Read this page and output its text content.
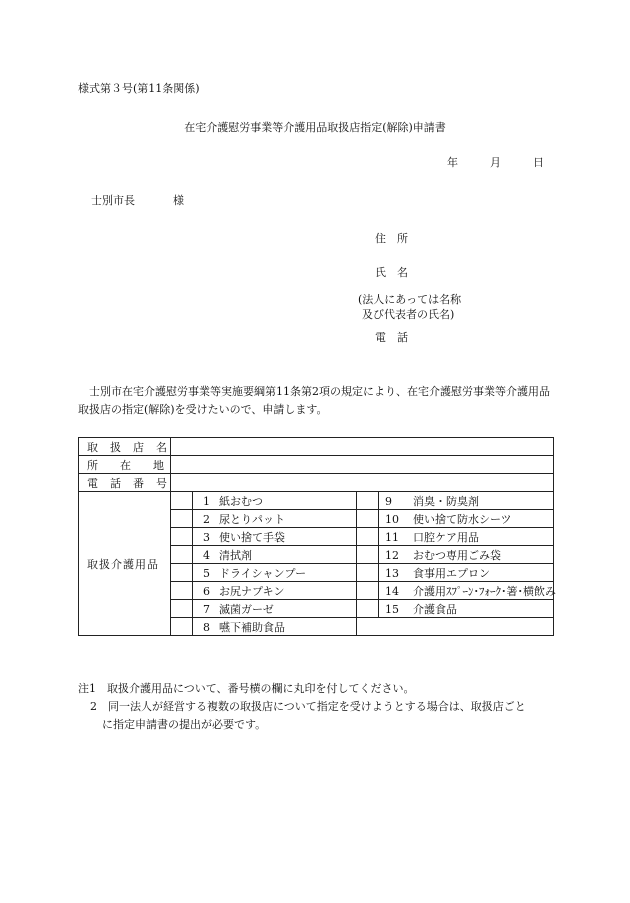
様式第３号(第11条関係)
在宅介護慰労事業等介護用品取扱店指定(解除)申請書
年	月	日
士別市長	様
住　所
氏　名
(法人にあっては名称
及び代表者の氏名)
電　話
士別市在宅介護慰労事業等実施要綱第11条第2項の規定により、在宅介護慰労事業等介護用品取扱店の指定(解除)を受けたいので、申請します。
取扱店名				
所在地				
電話番号				
取扱介護用品		1 紙おむつ		9 消臭・防臭剤
		2 尿とりパット		10 使い捨て防水シーツ
		3 使い捨て手袋		11 口腔ケア用品
		4 清拭剤		12 おむつ専用ごみ袋
		5 ドライシャンプー		13 食事用エプロン
		6 お尻ナプキン		14 介護用ｽﾌﾟｰﾝ･ﾌｫｰｸ･箸･横飲み
		7 滅菌ガーゼ		15 介護食品
		8 嚥下補助食品		
注1　取扱介護用品について、番号横の欄に丸印を付してください。
2　同一法人が経営する複数の取扱店について指定を受けようとする場合は、取扱店ごと
に指定申請書の提出が必要です。
